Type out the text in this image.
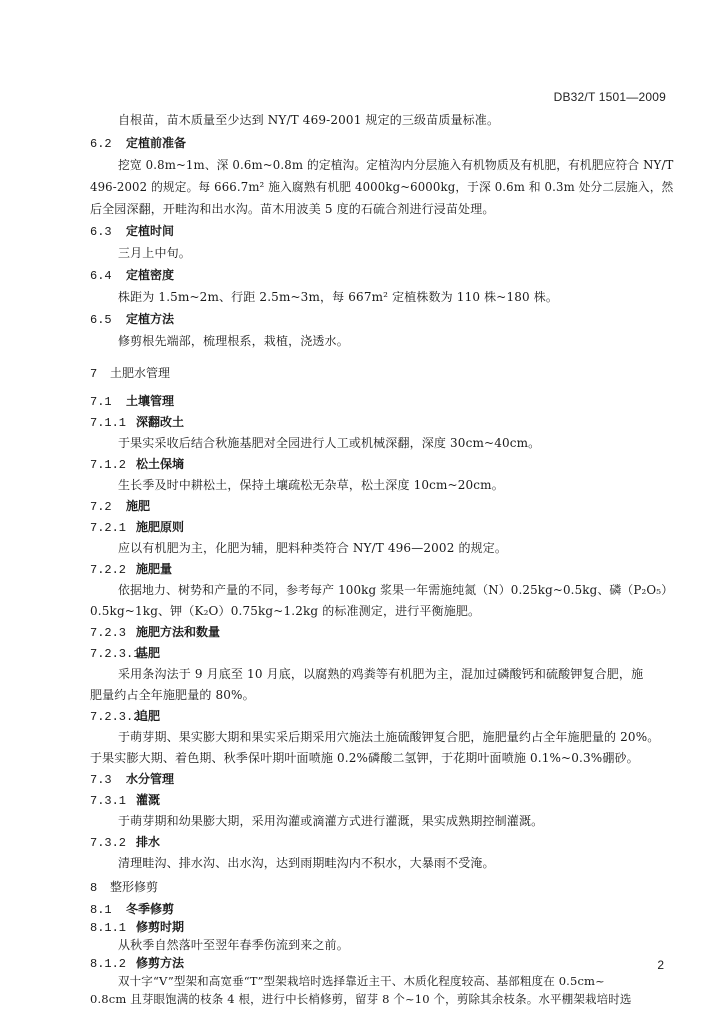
DB32/T 1501—2009
自根苗，苗木质量至少达到 NY/T 469-2001 规定的三级苗质量标准。
6.2 定植前准备
挖宽 0.8m~1m、深 0.6m~0.8m 的定植沟。定植沟内分层施入有机物质及有机肥，有机肥应符合 NY/T
496-2002 的规定。每 666.7m² 施入腐熟有机肥 4000kg~6000kg，于深 0.6m 和 0.3m 处分二层施入，然
后全园深翻，开畦沟和出水沟。苗木用波美 5 度的石硫合剂进行浸苗处理。
6.3 定植时间
三月上中旬。
6.4 定植密度
株距为 1.5m~2m、行距 2.5m~3m，每 667m² 定植株数为 110 株~180 株。
6.5 定植方法
修剪根先端部，梳理根系，栽植，浇透水。
7 土肥水管理
7.1 土壤管理
7.1.1 深翻改土
于果实采收后结合秋施基肥对全园进行人工或机械深翻，深度 30cm~40cm。
7.1.2 松土保墒
生长季及时中耕松土，保持土壤疏松无杂草，松土深度 10cm~20cm。
7.2 施肥
7.2.1 施肥原则
应以有机肥为主，化肥为辅，肥料种类符合 NY/T 496—2002 的规定。
7.2.2 施肥量
依据地力、树势和产量的不同，参考每产 100kg 浆果一年需施纯氮（N）0.25kg~0.5kg、磷（P₂O₅）
0.5kg~1kg、钾（K₂O）0.75kg~1.2kg 的标准测定，进行平衡施肥。
7.2.3 施肥方法和数量
7.2.3.1基肥
采用条沟法于 9 月底至 10 月底，以腐熟的鸡粪等有机肥为主，混加过磷酸钙和硫酸钾复合肥，施
肥量约占全年施肥量的 80%。
7.2.3.2追肥
于萌芽期、果实膨大期和果实采后期采用穴施法土施硫酸钾复合肥，施肥量约占全年施肥量的 20%。
于果实膨大期、着色期、秋季保叶期叶面喷施 0.2%磷酸二氢钾，于花期叶面喷施 0.1%~0.3%硼砂。
7.3 水分管理
7.3.1 灌溉
于萌芽期和幼果膨大期，采用沟灌或滴灌方式进行灌溉，果实成熟期控制灌溉。
7.3.2 排水
清理畦沟、排水沟、出水沟，达到雨期畦沟内不积水，大暴雨不受淹。
8 整形修剪
8.1 冬季修剪
8.1.1 修剪时期
从秋季自然落叶至翌年春季伤流到来之前。
8.1.2 修剪方法
双十字“V”型架和高宽垂“T”型架栽培时选择靠近主干、木质化程度较高、基部粗度在 0.5cm~
0.8cm 且芽眼饱满的枝条 4 根，进行中长梢修剪，留芽 8 个~10 个，剪除其余枝条。水平棚架栽培时选
2
